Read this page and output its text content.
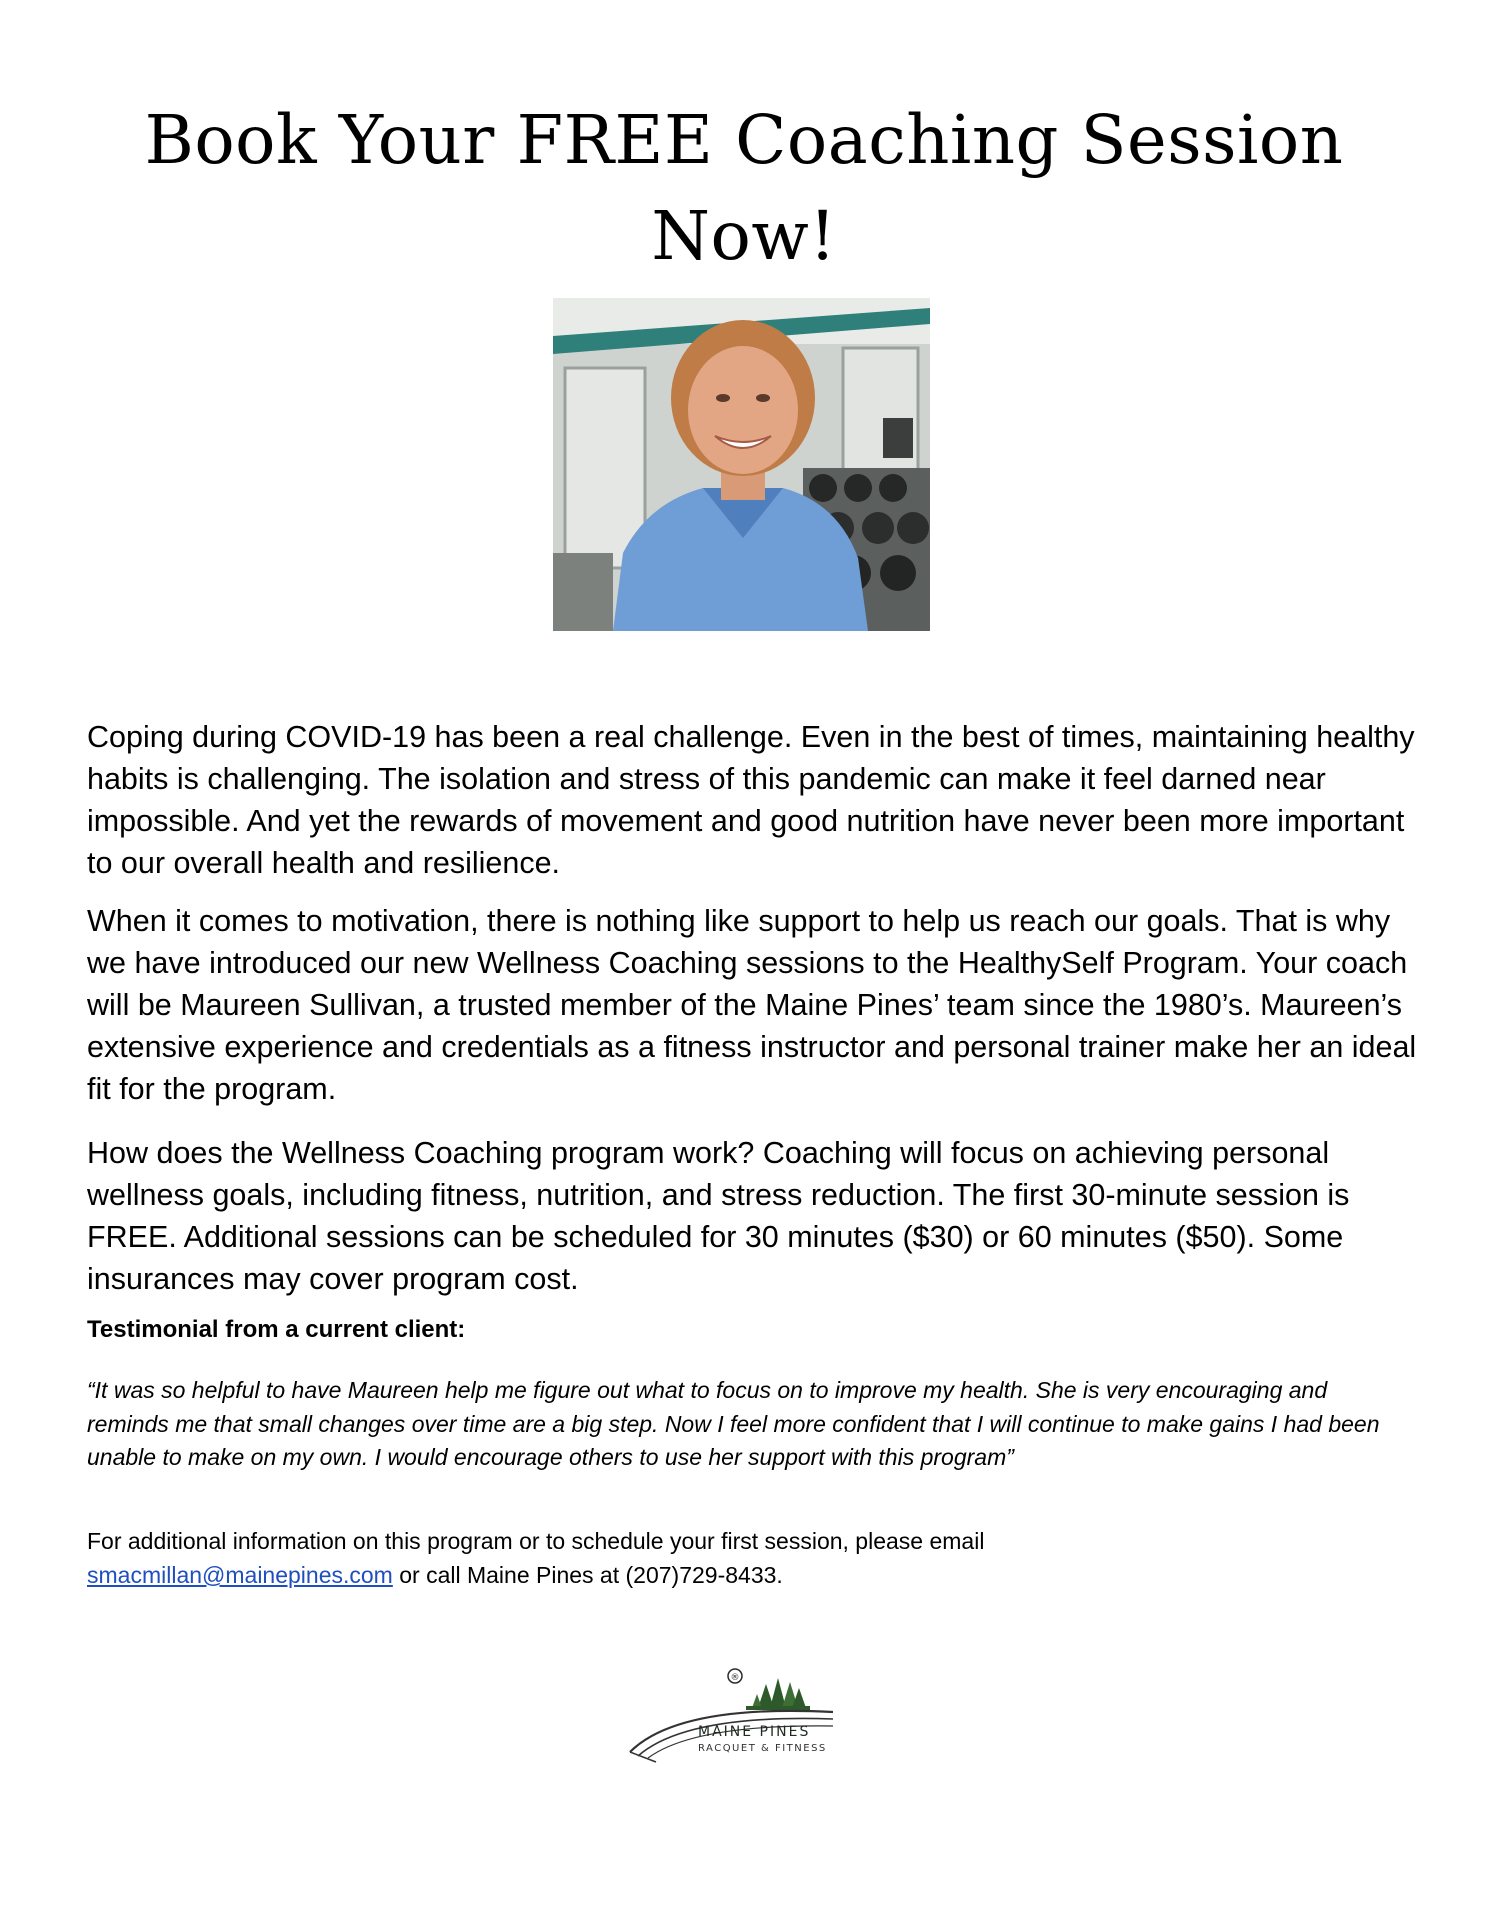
Book Your FREE Coaching Session
Now!

Coping during COVID-19 has been a real challenge. Even in the best of times, maintaining healthy habits is challenging. The isolation and stress of this pandemic can make it feel darned near impossible. And yet the rewards of movement and good nutrition have never been more important to our overall health and resilience.

When it comes to motivation, there is nothing like support to help us reach our goals. That is why we have introduced our new Wellness Coaching sessions to the HealthySelf Program. Your coach will be Maureen Sullivan, a trusted member of the Maine Pines’ team since the 1980’s. Maureen’s extensive experience and credentials as a fitness instructor and personal trainer make her an ideal fit for the program.

How does the Wellness Coaching program work? Coaching will focus on achieving personal wellness goals, including fitness, nutrition, and stress reduction. The first 30-minute session is FREE. Additional sessions can be scheduled for 30 minutes ($30) or 60 minutes ($50). Some insurances may cover program cost.

Testimonial from a current client:

“It was so helpful to have Maureen help me figure out what to focus on to improve my health. She is very encouraging and reminds me that small changes over time are a big step. Now I feel more confident that I will continue to make gains I had been unable to make on my own. I would encourage others to use her support with this program”

For additional information on this program or to schedule your first session, please email
smacmillan@mainepines.com or call Maine Pines at (207)729-8433.

®
MAINE PINES
RACQUET & FITNESS
